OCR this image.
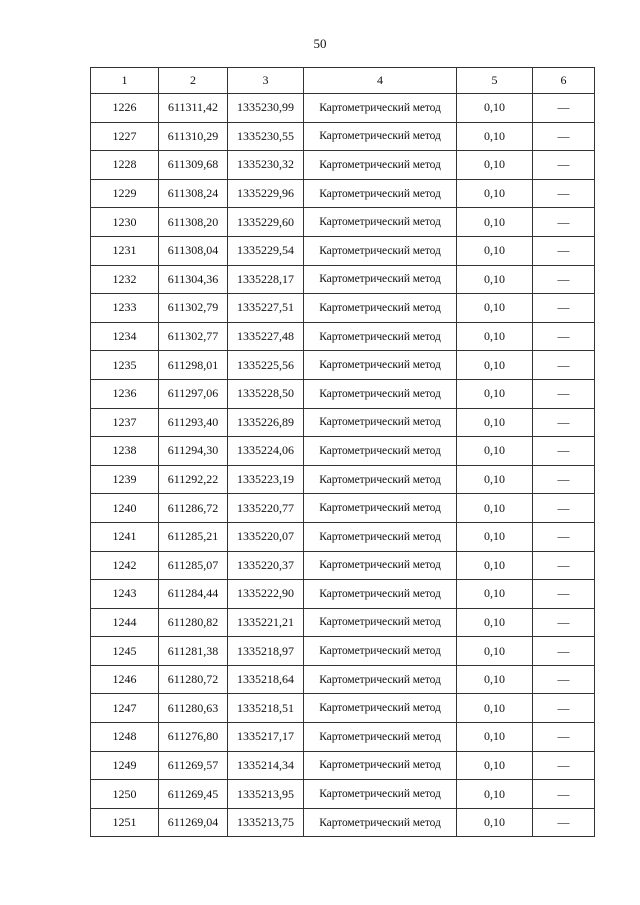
50
1	2	3	4	5	6
1226	611311,42	1335230,99	Картометрический метод	0,10	—
1227	611310,29	1335230,55	Картометрический метод	0,10	—
1228	611309,68	1335230,32	Картометрический метод	0,10	—
1229	611308,24	1335229,96	Картометрический метод	0,10	—
1230	611308,20	1335229,60	Картометрический метод	0,10	—
1231	611308,04	1335229,54	Картометрический метод	0,10	—
1232	611304,36	1335228,17	Картометрический метод	0,10	—
1233	611302,79	1335227,51	Картометрический метод	0,10	—
1234	611302,77	1335227,48	Картометрический метод	0,10	—
1235	611298,01	1335225,56	Картометрический метод	0,10	—
1236	611297,06	1335228,50	Картометрический метод	0,10	—
1237	611293,40	1335226,89	Картометрический метод	0,10	—
1238	611294,30	1335224,06	Картометрический метод	0,10	—
1239	611292,22	1335223,19	Картометрический метод	0,10	—
1240	611286,72	1335220,77	Картометрический метод	0,10	—
1241	611285,21	1335220,07	Картометрический метод	0,10	—
1242	611285,07	1335220,37	Картометрический метод	0,10	—
1243	611284,44	1335222,90	Картометрический метод	0,10	—
1244	611280,82	1335221,21	Картометрический метод	0,10	—
1245	611281,38	1335218,97	Картометрический метод	0,10	—
1246	611280,72	1335218,64	Картометрический метод	0,10	—
1247	611280,63	1335218,51	Картометрический метод	0,10	—
1248	611276,80	1335217,17	Картометрический метод	0,10	—
1249	611269,57	1335214,34	Картометрический метод	0,10	—
1250	611269,45	1335213,95	Картометрический метод	0,10	—
1251	611269,04	1335213,75	Картометрический метод	0,10	—
